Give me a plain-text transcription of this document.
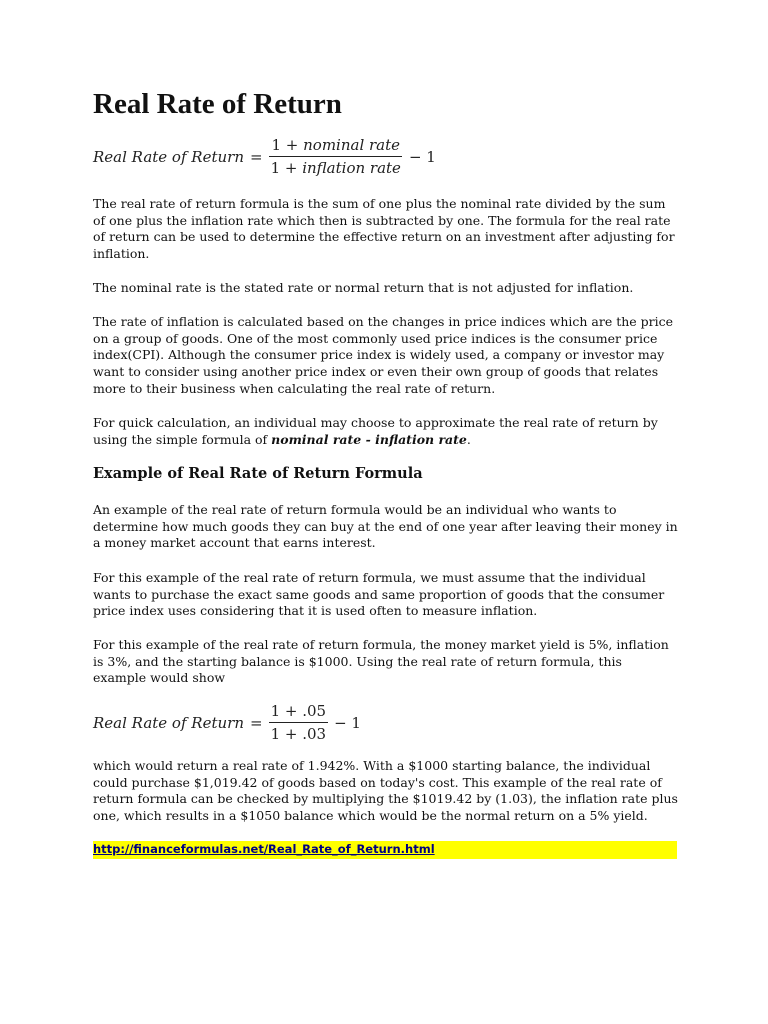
Real Rate of Return
Real Rate of Return = $\frac{\text{1 + nominal rate}}{\text{1 + inflation rate}} - 1$

The real rate of return formula is the sum of one plus the nominal rate divided by the sum of one plus the inflation rate which then is subtracted by one. The formula for the real rate of return can be used to determine the effective return on an investment after adjusting for inflation.

The nominal rate is the stated rate or normal return that is not adjusted for inflation.

The rate of inflation is calculated based on the changes in price indices which are the price on a group of goods. One of the most commonly used price indices is the consumer price index(CPI). Although the consumer price index is widely used, a company or investor may want to consider using another price index or even their own group of goods that relates more to their business when calculating the real rate of return.

For quick calculation, an individual may choose to approximate the real rate of return by using the simple formula of nominal rate - inflation rate.

Example of Real Rate of Return Formula

An example of the real rate of return formula would be an individual who wants to determine how much goods they can buy at the end of one year after leaving their money in a money market account that earns interest.

For this example of the real rate of return formula, we must assume that the individual wants to purchase the exact same goods and same proportion of goods that the consumer price index uses considering that it is used often to measure inflation.

For this example of the real rate of return formula, the money market yield is 5%, inflation is 3%, and the starting balance is $1000. Using the real rate of return formula, this example would show

Real Rate of Return = $\frac{1 + .05}{1 + .03} - 1$

which would return a real rate of 1.942%. With a $1000 starting balance, the individual could purchase $1,019.42 of goods based on today's cost. This example of the real rate of return formula can be checked by multiplying the $1019.42 by (1.03), the inflation rate plus one, which results in a $1050 balance which would be the normal return on a 5% yield.

http://financeformulas.net/Real_Rate_of_Return.html
